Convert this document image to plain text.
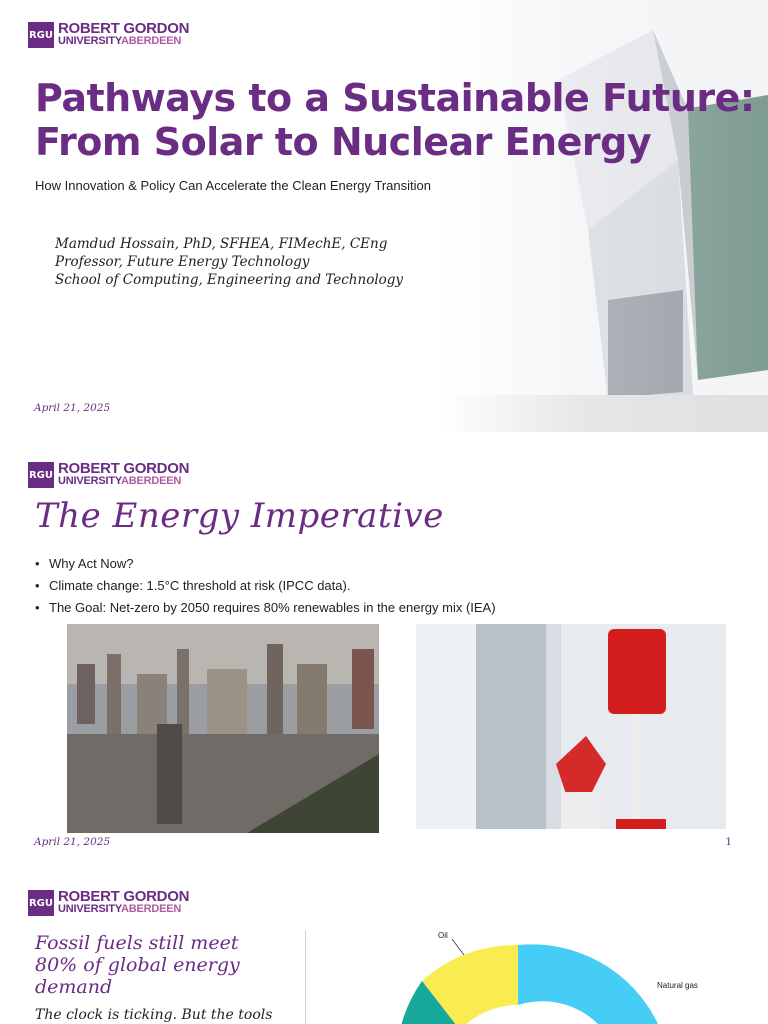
RGU ROBERT GORDON
UNIVERSITYABERDEEN
Pathways to a Sustainable Future:
From Solar to Nuclear Energy
How Innovation & Policy Can Accelerate the Clean Energy Transition
Mamdud Hossain, PhD, SFHEA, FIMechE, CEng
Professor, Future Energy Technology
School of Computing, Engineering and Technology
April 21, 2025
RGU ROBERT GORDON
UNIVERSITYABERDEEN
The Energy Imperative
• Why Act Now?
• Climate change: 1.5°C threshold at risk (IPCC data).
• The Goal: Net-zero by 2050 requires 80% renewables in the energy mix (IEA)
April 21, 2025	1
RGU ROBERT GORDON
UNIVERSITYABERDEEN
Fossil fuels still meet 80% of global energy demand
The clock is ticking. But the tools
Oil
Natural gas
